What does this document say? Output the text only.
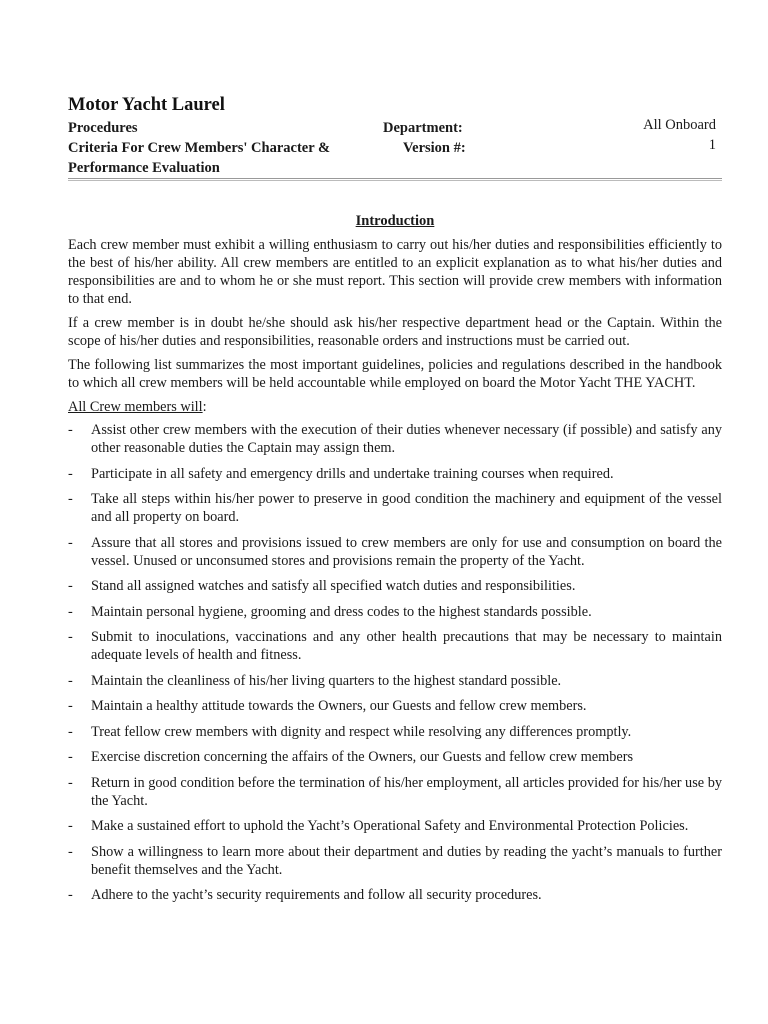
Motor Yacht Laurel
Procedures
Criteria For Crew Members' Character &
Performance Evaluation
Department:
Version #:
All Onboard
1
Introduction

Each crew member must exhibit a willing enthusiasm to carry out his/her duties and responsibilities efficiently to the best of his/her ability. All crew members are entitled to an explicit explanation as to what his/her duties and responsibilities are and to whom he or she must report. This section will provide crew members with information to that end.

If a crew member is in doubt he/she should ask his/her respective department head or the Captain. Within the scope of his/her duties and responsibilities, reasonable orders and instructions must be carried out.

The following list summarizes the most important guidelines, policies and regulations described in the handbook to which all crew members will be held accountable while employed on board the Motor Yacht THE YACHT.

All Crew members will:
- Assist other crew members with the execution of their duties whenever necessary (if possible) and satisfy any other reasonable duties the Captain may assign them.
- Participate in all safety and emergency drills and undertake training courses when required.
- Take all steps within his/her power to preserve in good condition the machinery and equipment of the vessel and all property on board.
- Assure that all stores and provisions issued to crew members are only for use and consumption on board the vessel. Unused or unconsumed stores and provisions remain the property of the Yacht.
- Stand all assigned watches and satisfy all specified watch duties and responsibilities.
- Maintain personal hygiene, grooming and dress codes to the highest standards possible.
- Submit to inoculations, vaccinations and any other health precautions that may be necessary to maintain adequate levels of health and fitness.
- Maintain the cleanliness of his/her living quarters to the highest standard possible.
- Maintain a healthy attitude towards the Owners, our Guests and fellow crew members.
- Treat fellow crew members with dignity and respect while resolving any differences promptly.
- Exercise discretion concerning the affairs of the Owners, our Guests and fellow crew members
- Return in good condition before the termination of his/her employment, all articles provided for his/her use by the Yacht.
- Make a sustained effort to uphold the Yacht’s Operational Safety and Environmental Protection Policies.
- Show a willingness to learn more about their department and duties by reading the yacht’s manuals to further benefit themselves and the Yacht.
- Adhere to the yacht’s security requirements and follow all security procedures.
